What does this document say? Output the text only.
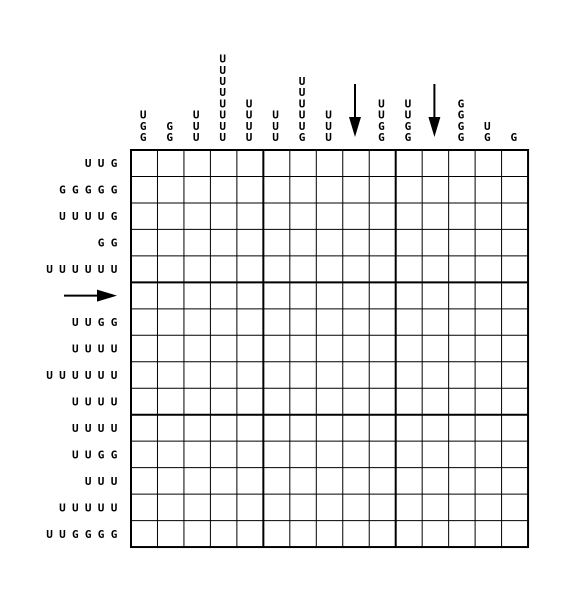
U
G
G
G
G
U
U
U
U
U
U
U
U
U
U
U
U
U
U
U
U
U
U
U
U
U
U
U
G
U
U
U
U
U
G
G
U
U
G
G
G
G
G
G
U
G G
U U G
G G G G G
U U U U G
G G
U U U U U U
U U G G
U U U U
U U U U U U
U U U U
U U U U
U U G G
U U U
U U U U U
U U G G G G
